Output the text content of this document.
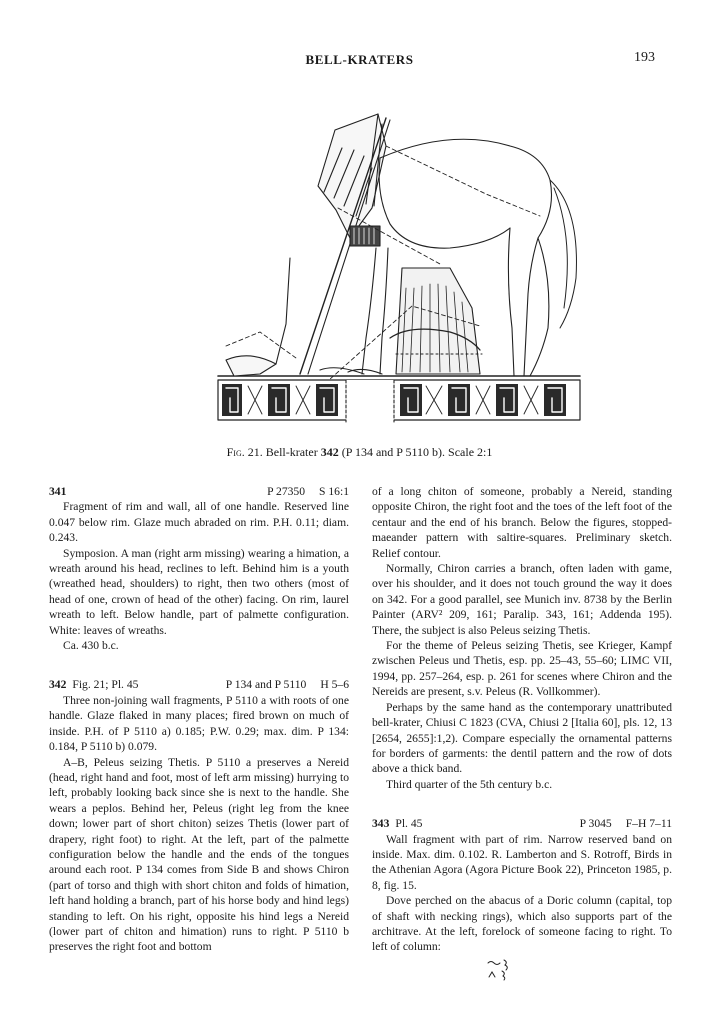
BELL-KRATERS	193
Fig. 21. Bell-krater 342 (P 134 and P 5110 b). Scale 2:1
341	P 27350 S 16:1

Fragment of rim and wall, all of one handle. Reserved line 0.047 below rim. Glaze much abraded on rim. P.H. 0.11; diam. 0.243.

Symposion. A man (right arm missing) wearing a himation, a wreath around his head, reclines to left. Behind him is a youth (wreathed head, shoulders) to right, then two others (most of head of one, crown of head of the other) facing. On rim, laurel wreath to left. Below handle, part of palmette configuration. White: leaves of wreaths.

Ca. 430 b.c.

342 Fig. 21; Pl. 45	P 134 and P 5110 H 5–6

Three non-joining wall fragments, P 5110 a with roots of one handle. Glaze flaked in many places; fired brown on much of inside. P.H. of P 5110 a) 0.185; P.W. 0.29; max. dim. P 134: 0.184, P 5110 b) 0.079.

A–B, Peleus seizing Thetis. P 5110 a preserves a Nereid (head, right hand and foot, most of left arm missing) hurrying to left, probably looking back since she is next to the handle. She wears a peplos. Behind her, Peleus (right leg from the knee down; lower part of short chiton) seizes Thetis (lower part of drapery, right foot) to right. At the left, part of the palmette configuration below the handle and the ends of the tongues around each root. P 134 comes from Side B and shows Chiron (part of torso and thigh with short chiton and folds of himation, left hand holding a branch, part of his horse body and hind legs) standing to left. On his right, opposite his hind legs a Nereid (lower part of chiton and himation) runs to right. P 5110 b preserves the right foot and bottom

of a long chiton of someone, probably a Nereid, standing opposite Chiron, the right foot and the toes of the left foot of the centaur and the end of his branch. Below the figures, stopped-maeander pattern with saltire-squares. Preliminary sketch. Relief contour.

Normally, Chiron carries a branch, often laden with game, over his shoulder, and it does not touch ground the way it does on 342. For a good parallel, see Munich inv. 8738 by the Berlin Painter (ARV² 209, 161; Paralip. 343, 161; Addenda 195). There, the subject is also Peleus seizing Thetis.

For the theme of Peleus seizing Thetis, see Krieger, Kampf zwischen Peleus und Thetis, esp. pp. 25–43, 55–60; LIMC VII, 1994, pp. 257–264, esp. p. 261 for scenes where Chiron and the Nereids are present, s.v. Peleus (R. Vollkommer).

Perhaps by the same hand as the contemporary unattributed bell-krater, Chiusi C 1823 (CVA, Chiusi 2 [Italia 60], pls. 12, 13 [2654, 2655]:1,2). Compare especially the ornamental patterns for borders of garments: the dentil pattern and the row of dots above a thick band.

Third quarter of the 5th century b.c.

343 Pl. 45	P 3045 F–H 7–11

Wall fragment with part of rim. Narrow reserved band on inside. Max. dim. 0.102. R. Lamberton and S. Rotroff, Birds in the Athenian Agora (Agora Picture Book 22), Princeton 1985, p. 8, fig. 15.

Dove perched on the abacus of a Doric column (capital, top of shaft with necking rings), which also supports part of the architrave. At the left, forelock of someone facing to right. To left of column:
